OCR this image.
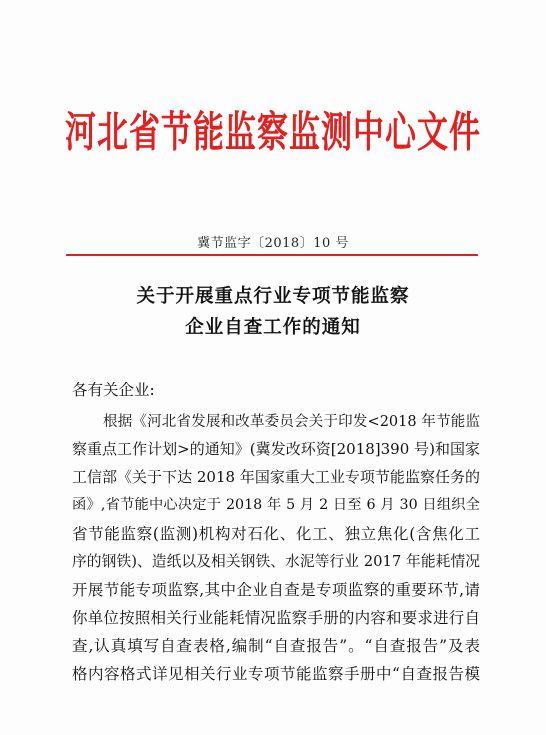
河北省节能监察监测中心文件
冀节监字〔2018〕10 号
关于开展重点行业专项节能监察
企业自查工作的通知
各有关企业:
根据《河北省发展和改革委员会关于印发<2018 年节能监
察重点工作计划>的通知》(冀发改环资[2018]390 号)和国家
工信部《关于下达 2018 年国家重大工业专项节能监察任务的
函》,省节能中心决定于 2018 年 5 月 2 日至 6 月 30 日组织全
省节能监察(监测)机构对石化、化工、独立焦化(含焦化工
序的钢铁)、造纸以及相关钢铁、水泥等行业 2017 年能耗情况
开展节能专项监察,其中企业自查是专项监察的重要环节,请
你单位按照相关行业能耗情况监察手册的内容和要求进行自
查,认真填写自查表格,编制“自查报告”。“自查报告”及表
格内容格式详见相关行业专项节能监察手册中“自查报告模
